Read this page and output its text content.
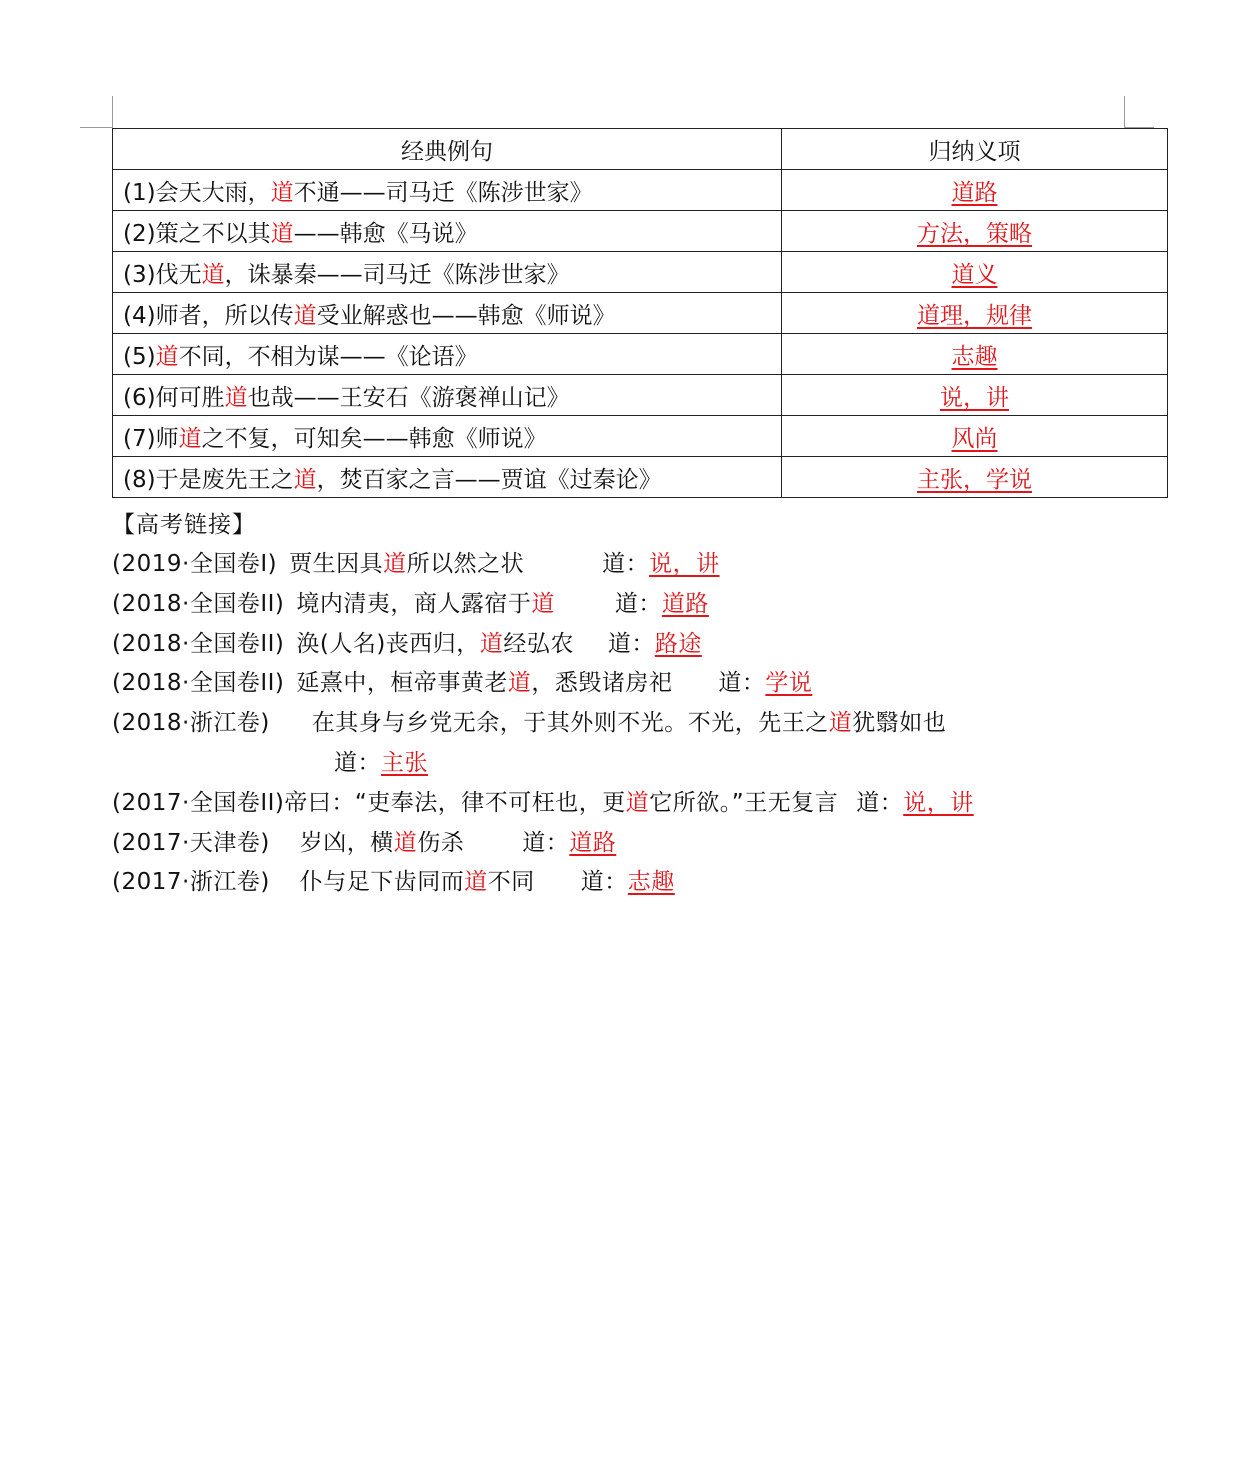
经典例句	归纳义项
(1)会天大雨，道不通——司马迁《陈涉世家》	道路
(2)策之不以其道——韩愈《马说》	方法，策略
(3)伐无道，诛暴秦——司马迁《陈涉世家》	道义
(4)师者，所以传道受业解惑也——韩愈《师说》	道理，规律
(5)道不同，不相为谋——《论语》	志趣
(6)何可胜道也哉——王安石《游褒禅山记》	说，讲
(7)师道之不复，可知矣——韩愈《师说》	风尚
(8)于是废先王之道，焚百家之言——贾谊《过秦论》	主张，学说
【高考链接】
(2019·全国卷I) 贾生因具道所以然之状	道：说，讲
(2018·全国卷II) 境内清夷，商人露宿于道	道：道路
(2018·全国卷II) 涣(人名)丧西归，道经弘农 道：路途
(2018·全国卷II) 延熹中，桓帝事黄老道，悉毁诸房祀 道：学说
(2018·浙江卷) 在其身与乡党无余，于其外则不光。不光，先王之道犹翳如也
道：主张
(2017·全国卷II)帝曰：“吏奉法，律不可枉也，更道它所欲。”王无复言 道：说，讲
(2017·天津卷) 岁凶，横道伤杀	道：道路
(2017·浙江卷) 仆与足下齿同而道不同 道：志趣
